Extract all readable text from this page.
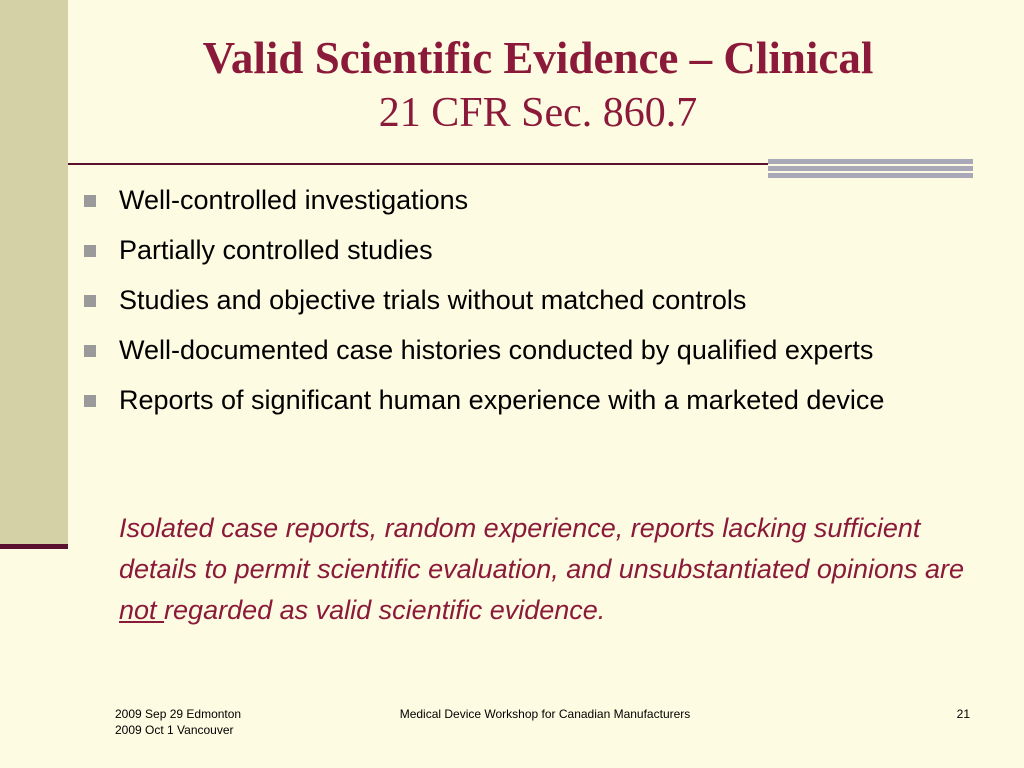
Valid Scientific Evidence – Clinical
21 CFR Sec. 860.7
Well-controlled investigations
Partially controlled studies
Studies and objective trials without matched controls
Well-documented case histories conducted by qualified experts
Reports of significant human experience with a marketed device
Isolated case reports, random experience, reports lacking sufficient details to permit scientific evaluation, and unsubstantiated opinions are not regarded as valid scientific evidence.
2009 Sep 29 Edmonton
2009 Oct 1 Vancouver
Medical Device Workshop for Canadian Manufacturers	21
